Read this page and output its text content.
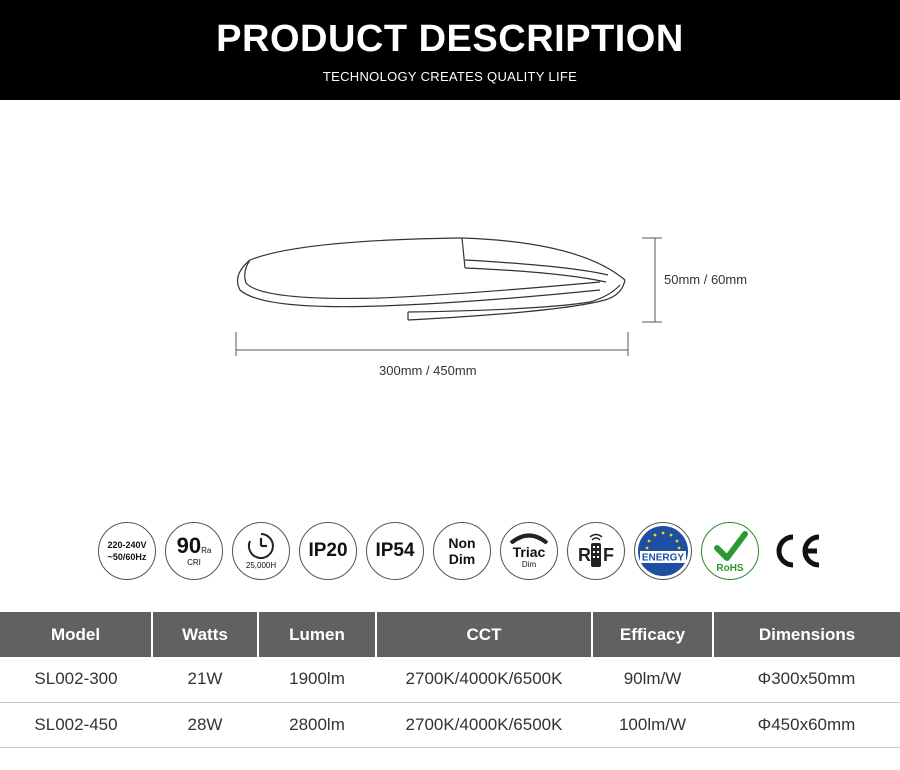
PRODUCT DESCRIPTION
TECHNOLOGY CREATES QUALITY LIFE
50mm / 60mm
300mm / 450mm
220-240V
~50/60Hz 90Ra
CRI	25,000H
IP20 IP54 Non
Dim	Triac
Dim R F	ENERGY
RoHS
Model	Watts	Lumen	CCT	Efficacy	Dimensions
SL002-300	21W	1900lm	2700K/4000K/6500K	90lm/W	Φ300x50mm
SL002-450	28W	2800lm	2700K/4000K/6500K	100lm/W	Φ450x60mm
